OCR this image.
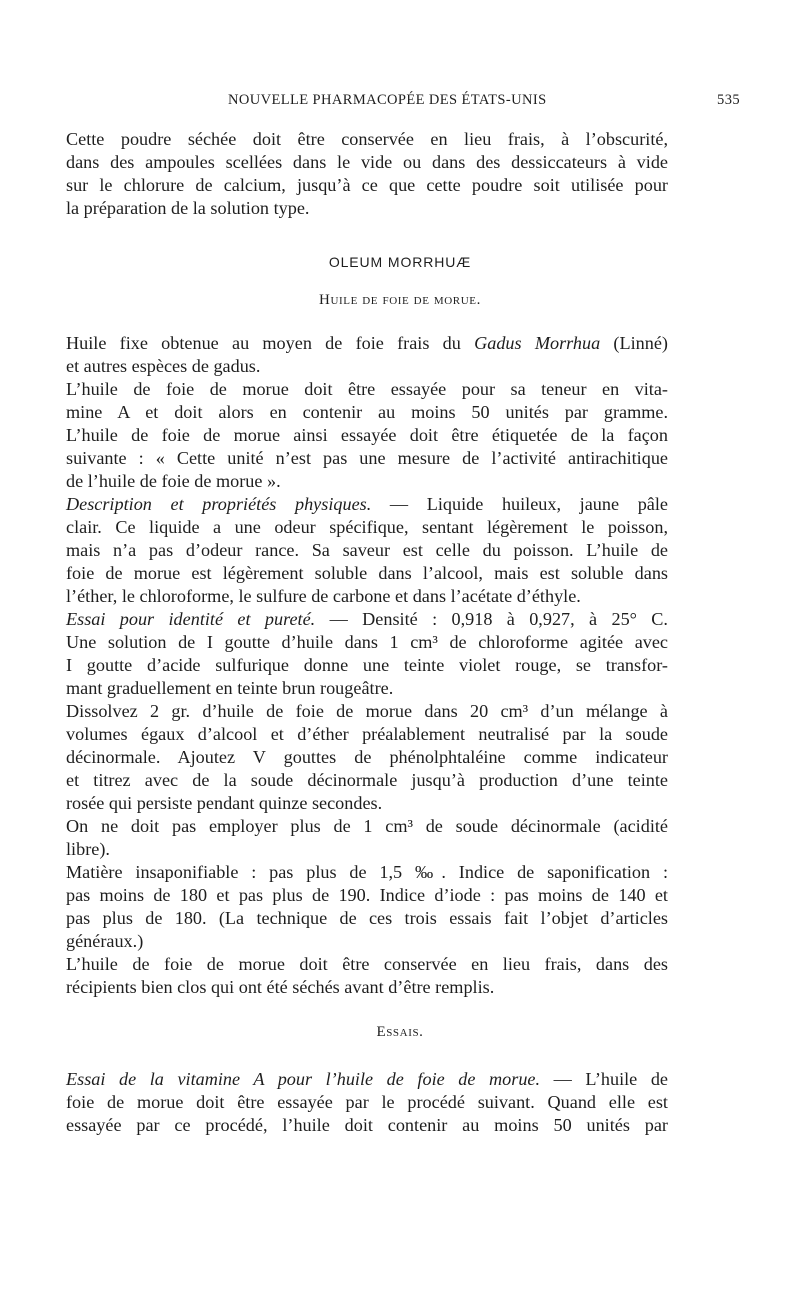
NOUVELLE PHARMACOPÉE DES ÉTATS-UNIS	535
Cette poudre séchée doit être conservée en lieu frais, à l’obscurité,
dans des ampoules scellées dans le vide ou dans des dessiccateurs à vide
sur le chlorure de calcium, jusqu’à ce que cette poudre soit utilisée pour
la préparation de la solution type.
OLEUM MORRHUÆ
Huile de foie de morue.
Huile fixe obtenue au moyen de foie frais du Gadus Morrhua (Linné)
et autres espèces de gadus.
L’huile de foie de morue doit être essayée pour sa teneur en vita-
mine A et doit alors en contenir au moins 50 unités par gramme.
L’huile de foie de morue ainsi essayée doit être étiquetée de la façon
suivante : « Cette unité n’est pas une mesure de l’activité antirachitique
de l’huile de foie de morue ».
Description et propriétés physiques. — Liquide huileux, jaune pâle
clair. Ce liquide a une odeur spécifique, sentant légèrement le poisson,
mais n’a pas d’odeur rance. Sa saveur est celle du poisson. L’huile de
foie de morue est légèrement soluble dans l’alcool, mais est soluble dans
l’éther, le chloroforme, le sulfure de carbone et dans l’acétate d’éthyle.
Essai pour identité et pureté. — Densité : 0,918 à 0,927, à 25° C.
Une solution de I goutte d’huile dans 1 cm³ de chloroforme agitée avec
I goutte d’acide sulfurique donne une teinte violet rouge, se transfor-
mant graduellement en teinte brun rougeâtre.
Dissolvez 2 gr. d’huile de foie de morue dans 20 cm³ d’un mélange à
volumes égaux d’alcool et d’éther préalablement neutralisé par la soude
décinormale. Ajoutez V gouttes de phénolphtaléine comme indicateur
et titrez avec de la soude décinormale jusqu’à production d’une teinte
rosée qui persiste pendant quinze secondes.
On ne doit pas employer plus de 1 cm³ de soude décinormale (acidité
libre).
Matière insaponifiable : pas plus de 1,5 ‰. Indice de saponification :
pas moins de 180 et pas plus de 190. Indice d’iode : pas moins de 140 et
pas plus de 180. (La technique de ces trois essais fait l’objet d’articles
généraux.)
L’huile de foie de morue doit être conservée en lieu frais, dans des
récipients bien clos qui ont été séchés avant d’être remplis.
Essais.
Essai de la vitamine A pour l’huile de foie de morue. — L’huile de
foie de morue doit être essayée par le procédé suivant. Quand elle est
essayée par ce procédé, l’huile doit contenir au moins 50 unités par
